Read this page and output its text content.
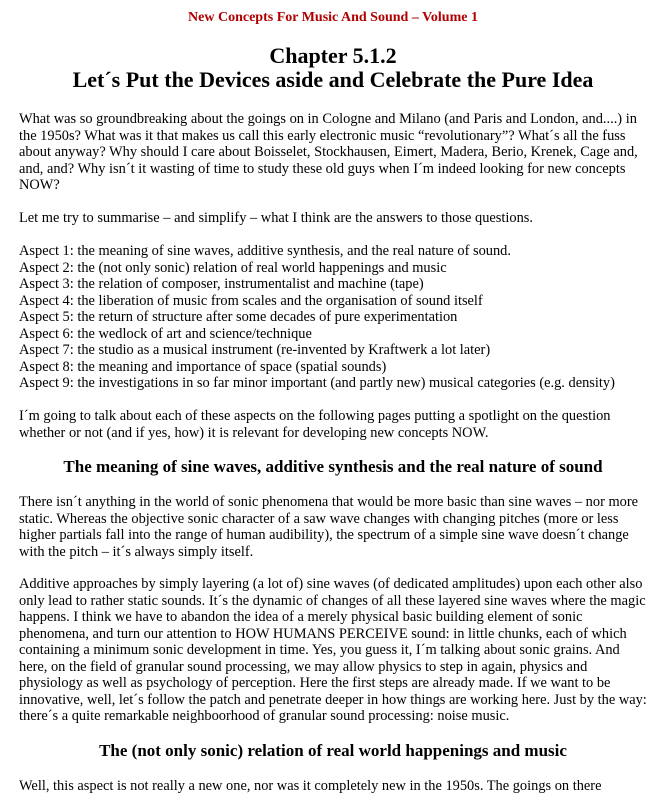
New Concepts For Music And Sound – Volume 1
Chapter 5.1.2
Let´s Put the Devices aside and Celebrate the Pure Idea

What was so groundbreaking about the goings on in Cologne and Milano (and Paris and London, and....) in the 1950s? What was it that makes us call this early electronic music “revolutionary”? What´s all the fuss about anyway? Why should I care about Boisselet, Stockhausen, Eimert, Madera, Berio, Krenek, Cage and, and, and? Why isn´t it wasting of time to study these old guys when I´m indeed looking for new concepts NOW?

Let me try to summarise – and simplify – what I think are the answers to those questions.

Aspect 1: the meaning of sine waves, additive synthesis, and the real nature of sound.
Aspect 2: the (not only sonic) relation of real world happenings and music
Aspect 3: the relation of composer, instrumentalist and machine (tape)
Aspect 4: the liberation of music from scales and the organisation of sound itself
Aspect 5: the return of structure after some decades of pure experimentation
Aspect 6: the wedlock of art and science/technique
Aspect 7: the studio as a musical instrument (re-invented by Kraftwerk a lot later)
Aspect 8: the meaning and importance of space (spatial sounds)
Aspect 9: the investigations in so far minor important (and partly new) musical categories (e.g. density)

I´m going to talk about each of these aspects on the following pages putting a spotlight on the question whether or not (and if yes, how) it is relevant for developing new concepts NOW.

The meaning of sine waves, additive synthesis and the real nature of sound

There isn´t anything in the world of sonic phenomena that would be more basic than sine waves – nor more static. Whereas the objective sonic character of a saw wave changes with changing pitches (more or less higher partials fall into the range of human audibility), the spectrum of a simple sine wave doesn´t change with the pitch – it´s always simply itself.

Additive approaches by simply layering (a lot of) sine waves (of dedicated amplitudes) upon each other also only lead to rather static sounds. It´s the dynamic of changes of all these layered sine waves where the magic happens. I think we have to abandon the idea of a merely physical basic building element of sonic phenomena, and turn our attention to HOW HUMANS PERCEIVE sound: in little chunks, each of which containing a minimum sonic development in time. Yes, you guess it, I´m talking about sonic grains. And here, on the field of granular sound processing, we may allow physics to step in again, physics and physiology as well as psychology of perception. Here the first steps are already made. If we want to be innovative, well, let´s follow the patch and penetrate deeper in how things are working here. Just by the way: there´s a quite remarkable neighboorhood of granular sound processing: noise music.

The (not only sonic) relation of real world happenings and music

Well, this aspect is not really a new one, nor was it completely new in the 1950s. The goings on there
